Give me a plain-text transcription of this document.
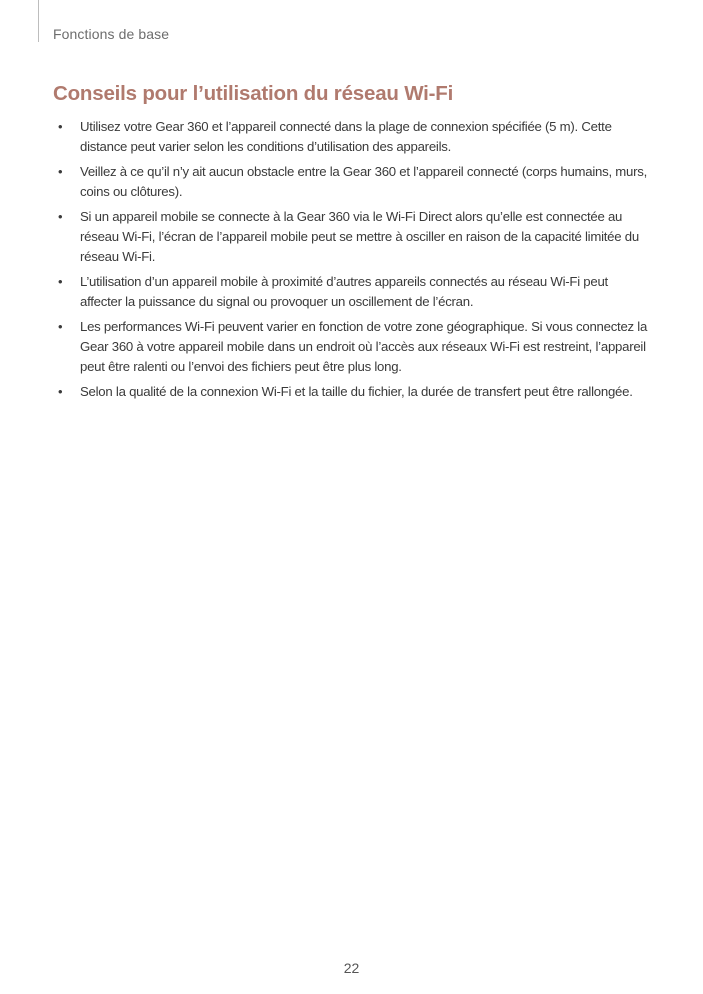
Fonctions de base
Conseils pour l’utilisation du réseau Wi-Fi
• Utilisez votre Gear 360 et l’appareil connecté dans la plage de connexion spécifiée (5 m). Cette distance peut varier selon les conditions d’utilisation des appareils.
• Veillez à ce qu’il n’y ait aucun obstacle entre la Gear 360 et l’appareil connecté (corps humains, murs, coins ou clôtures).
• Si un appareil mobile se connecte à la Gear 360 via le Wi-Fi Direct alors qu’elle est connectée au réseau Wi-Fi, l’écran de l’appareil mobile peut se mettre à osciller en raison de la capacité limitée du réseau Wi-Fi.
• L’utilisation d’un appareil mobile à proximité d’autres appareils connectés au réseau Wi-Fi peut affecter la puissance du signal ou provoquer un oscillement de l’écran.
• Les performances Wi-Fi peuvent varier en fonction de votre zone géographique. Si vous connectez la Gear 360 à votre appareil mobile dans un endroit où l’accès aux réseaux Wi-Fi est restreint, l’appareil peut être ralenti ou l’envoi des fichiers peut être plus long.
• Selon la qualité de la connexion Wi-Fi et la taille du fichier, la durée de transfert peut être rallongée.
22
